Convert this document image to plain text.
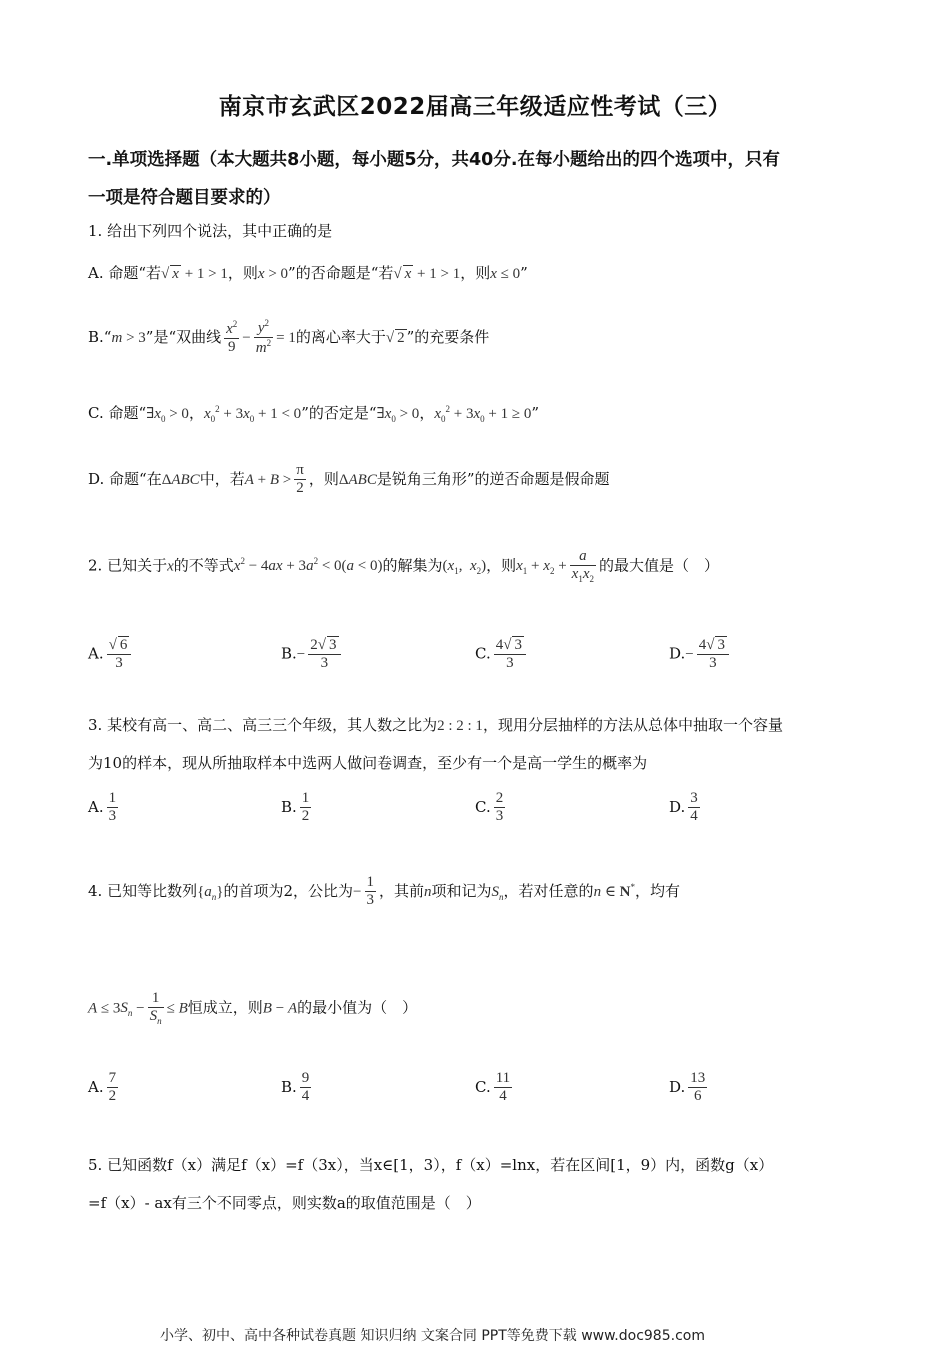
南京市玄武区2022届高三年级适应性考试（三）
一.单项选择题（本大题共8小题，每小题5分，共40分.在每小题给出的四个选项中，只有
一项是符合题目要求的）
1. 给出下列四个说法，其中正确的是
A. 命题“若√ x + 1 > 1，则x > 0”的否命题是“若√ x + 1 > 1，则x ≤ 0”
B.“m > 3”是“双曲线 $\frac{x^2}{9} - \frac{y^2}{m^2} = 1$的离心率大于√ 2 ”的充要条件
C. 命题“$\exists x_0 > 0$，$x_0^2 + 3x_0 + 1 < 0$”的否定是“$\exists x_0 > 0$，$x_0^2 + 3x_0 + 1 \ge 0$”
D. 命题“在ΔABC中，若$A + B > \frac{\pi}{2}$ ，则ΔABC是锐角三角形”的逆否命题是假命题
2. 已知关于x的不等式$x^2 - 4ax + 3a^2 < 0(a < 0)$的解集为($x_1$,  $x_2$)，则$x_1 + x_2 + \frac{a}{x_1x_2}$ 的最大值是（　）
A. $\frac{√ 6}{3}$	$B.- \frac{2√ 3}{3}$	C. $\frac{4√ 3}{3}$	$D.- \frac{4√ 3}{3}$
3. 某校有高一、高二、高三三个年级，其人数之比为2 : 2 : 1，现用分层抽样的方法从总体中抽取一个容量
为10的样本，现从所抽取样本中选两人做问卷调查，至少有一个是高一学生的概率为
A. $\frac{1}{3}$	B. $\frac{1}{2}$	C. $\frac{2}{3}$	D. $\frac{3}{4}$
4. 已知等比数列$\{a_n\}$的首项为2，公比为− $\frac{1}{3}$ ，其前n项和记为$S_n$，若对任意的n ∈ N*，均有
$A \le 3S_n - \frac{1}{S_n} \le B$恒成立，则B − A的最小值为（　）
A. $\frac{7}{2}$	B. $\frac{9}{4}$	C. $\frac{11}{4}$	D. $\frac{13}{6}$
5. 已知函数f（x）满足f（x）=f（3x），当x∈[1，3），f（x）=lnx，若在区间[1，9）内，函数g（x）
=f（x）- ax有三个不同零点，则实数a的取值范围是（　）
小学、初中、高中各种试卷真题 知识归纳 文案合同 PPT等免费下载 www.doc985.com
